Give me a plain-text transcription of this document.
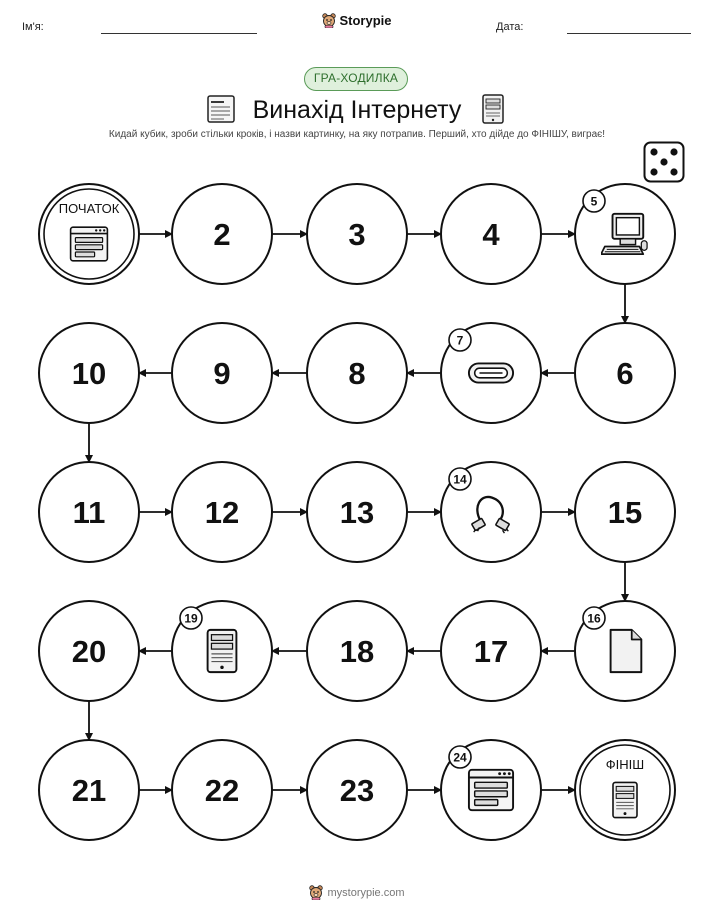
Ім'я:	Storypie	Дата:
ГРА-ХОДИЛКА
Винахід Інтернету
Кидай кубик, зроби стільки кроків, і назви картинку, на яку потрапив. Перший, хто дійде до ФІНІШУ, виграє!
ПОЧАТОК
2	3	4
5
10	9	8
7
6
11	12	13
14
15
20
19
18	17
16
21	22	23
24	ФІНІШ
mystorypie.com
